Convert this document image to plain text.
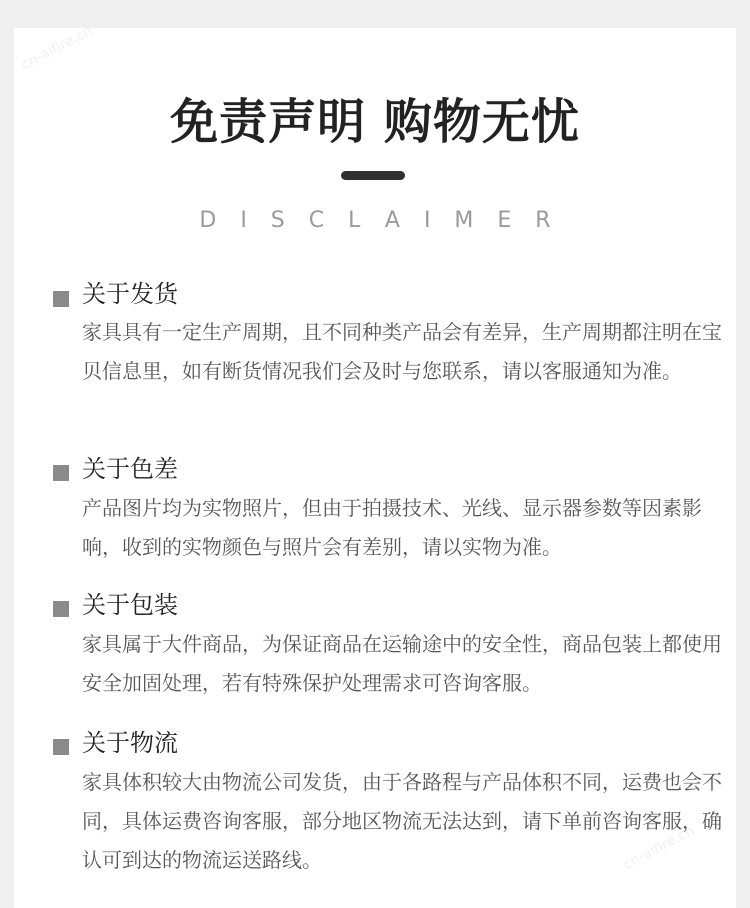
cn-aifire.cn
cn-aifire.cn
免责声明 购物无忧
DISCLAIMER
关于发货
家具具有一定生产周期，且不同种类产品会有差异，生产周期都注明在宝贝信息里，如有断货情况我们会及时与您联系，请以客服通知为准。
关于色差
产品图片均为实物照片，但由于拍摄技术、光线、显示器参数等因素影响，收到的实物颜色与照片会有差别，请以实物为准。
关于包装
家具属于大件商品，为保证商品在运输途中的安全性，商品包装上都使用安全加固处理，若有特殊保护处理需求可咨询客服。
关于物流
家具体积较大由物流公司发货，由于各路程与产品体积不同，运费也会不同，具体运费咨询客服，部分地区物流无法达到，请下单前咨询客服，确认可到达的物流运送路线。
